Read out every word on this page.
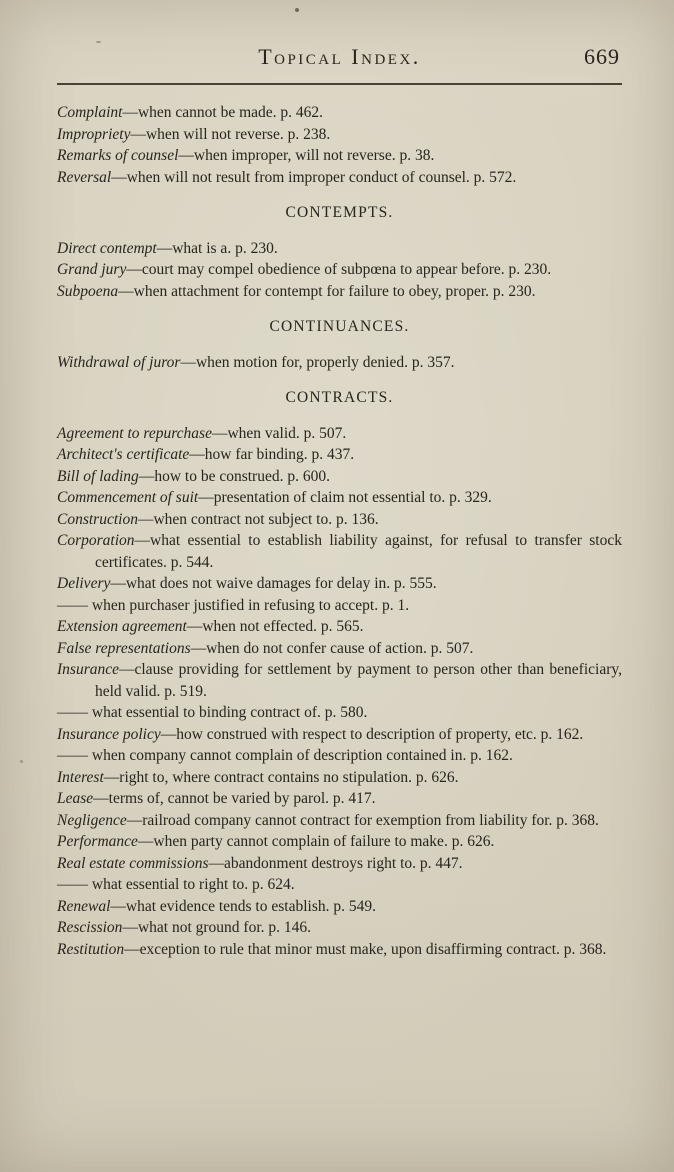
Topical Index.	669

Complaint—when cannot be made. p. 462.

Impropriety—when will not reverse. p. 238.

Remarks of counsel—when improper, will not reverse. p. 38.

Reversal—when will not result from improper conduct of counsel. p. 572.

CONTEMPTS.

Direct contempt—what is a. p. 230.

Grand jury—court may compel obedience of subpœna to appear before. p. 230.

Subpoena—when attachment for contempt for failure to obey, proper. p. 230.

CONTINUANCES.

Withdrawal of juror—when motion for, properly denied. p. 357.

CONTRACTS.

Agreement to repurchase—when valid. p. 507.

Architect's certificate—how far binding. p. 437.

Bill of lading—how to be construed. p. 600.

Commencement of suit—presentation of claim not essential to. p. 329.

Construction—when contract not subject to. p. 136.

Corporation—what essential to establish liability against, for refusal to transfer stock certificates. p. 544.

Delivery—what does not waive damages for delay in. p. 555.

—— when purchaser justified in refusing to accept. p. 1.

Extension agreement—when not effected. p. 565.

False representations—when do not confer cause of action. p. 507.

Insurance—clause providing for settlement by payment to person other than beneficiary, held valid. p. 519.

—— what essential to binding contract of. p. 580.

Insurance policy—how construed with respect to description of property, etc. p. 162.

—— when company cannot complain of description contained in. p. 162.

Interest—right to, where contract contains no stipulation. p. 626.

Lease—terms of, cannot be varied by parol. p. 417.

Negligence—railroad company cannot contract for exemption from liability for. p. 368.

Performance—when party cannot complain of failure to make. p. 626.

Real estate commissions—abandonment destroys right to. p. 447.

—— what essential to right to. p. 624.

Renewal—what evidence tends to establish. p. 549.

Rescission—what not ground for. p. 146.

Restitution—exception to rule that minor must make, upon disaffirming contract. p. 368.
